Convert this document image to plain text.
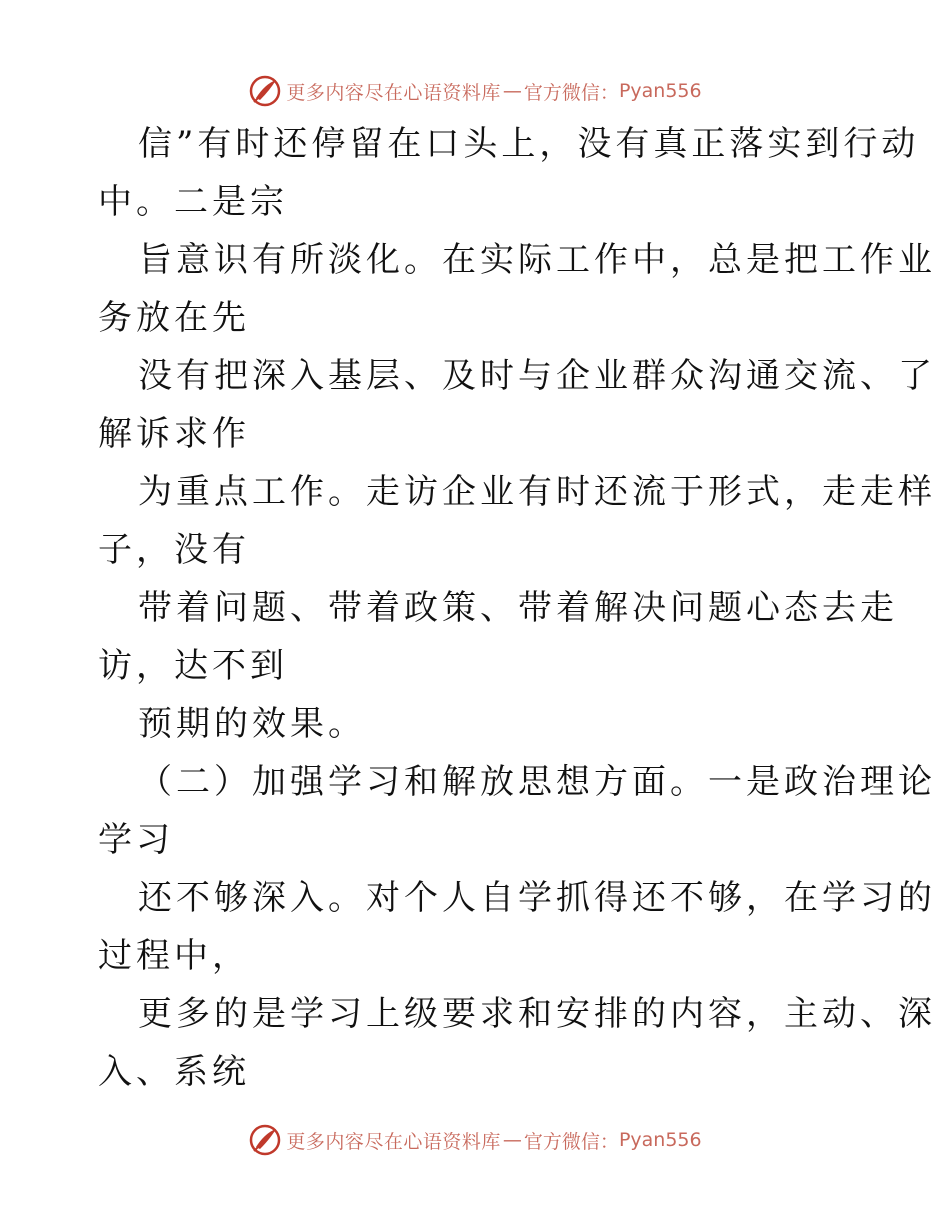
更多内容尽在心语资料库 — 官方微信： Pyan556
信”有时还停留在口头上，没有真正落实到行动
中。二是宗
旨意识有所淡化。在实际工作中，总是把工作业
务放在先
没有把深入基层、及时与企业群众沟通交流、了
解诉求作
为重点工作。走访企业有时还流于形式，走走样
子，没有
带着问题、带着政策、带着解决问题心态去走
访，达不到
预期的效果。
（二）加强学习和解放思想方面。一是政治理论
学习
还不够深入。对个人自学抓得还不够，在学习的
过程中，
更多的是学习上级要求和安排的内容，主动、深
入、系统
更多内容尽在心语资料库 — 官方微信： Pyan556
